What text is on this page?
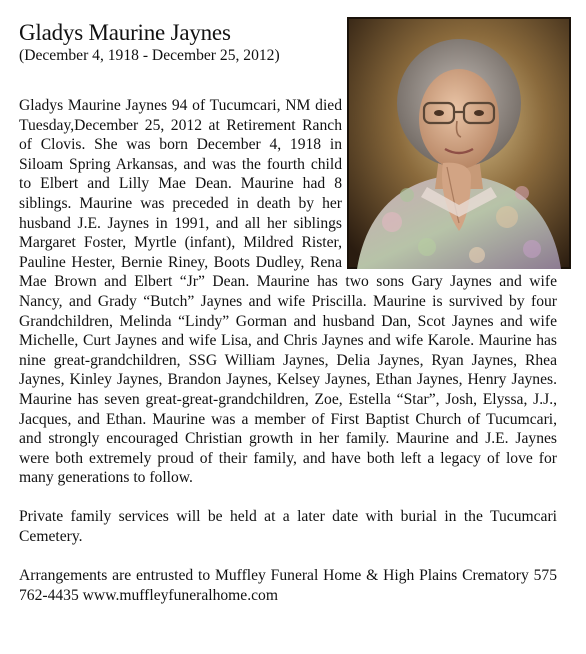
Gladys Maurine Jaynes
(December 4, 1918 - December 25, 2012)

Gladys Maurine Jaynes 94 of Tucumcari, NM died Tuesday,December 25, 2012 at Retirement Ranch of Clovis. She was born December 4, 1918 in Siloam Spring Arkansas, and was the fourth child to Elbert and Lilly Mae Dean. Maurine had 8 siblings. Maurine was preceded in death by her husband J.E. Jaynes in 1991, and all her siblings Margaret Foster, Myrtle (infant), Mildred Rister, Pauline Hester, Bernie Riney, Boots Dudley, Rena Mae Brown and Elbert “Jr” Dean. Maurine has two sons Gary Jaynes and wife Nancy, and Grady “Butch” Jaynes and wife Priscilla. Maurine is survived by four Grandchildren, Melinda “Lindy” Gorman and husband Dan, Scot Jaynes and wife Michelle, Curt Jaynes and wife Lisa, and Chris Jaynes and wife Karole. Maurine has nine great-grandchildren, SSG William Jaynes, Delia Jaynes, Ryan Jaynes, Rhea Jaynes, Kinley Jaynes, Brandon Jaynes, Kelsey Jaynes, Ethan Jaynes, Henry Jaynes. Maurine has seven great-great-grandchildren, Zoe, Estella “Star”, Josh, Elyssa, J.J., Jacques, and Ethan. Maurine was a member of First Baptist Church of Tucumcari, and strongly encouraged Christian growth in her family. Maurine and J.E. Jaynes were both extremely proud of their family, and have both left a legacy of love for many generations to follow.

Private family services will be held at a later date with burial in the Tucumcari Cemetery.

Arrangements are entrusted to Muffley Funeral Home & High Plains Crematory 575 762-4435 www.muffleyfuneralhome.com
